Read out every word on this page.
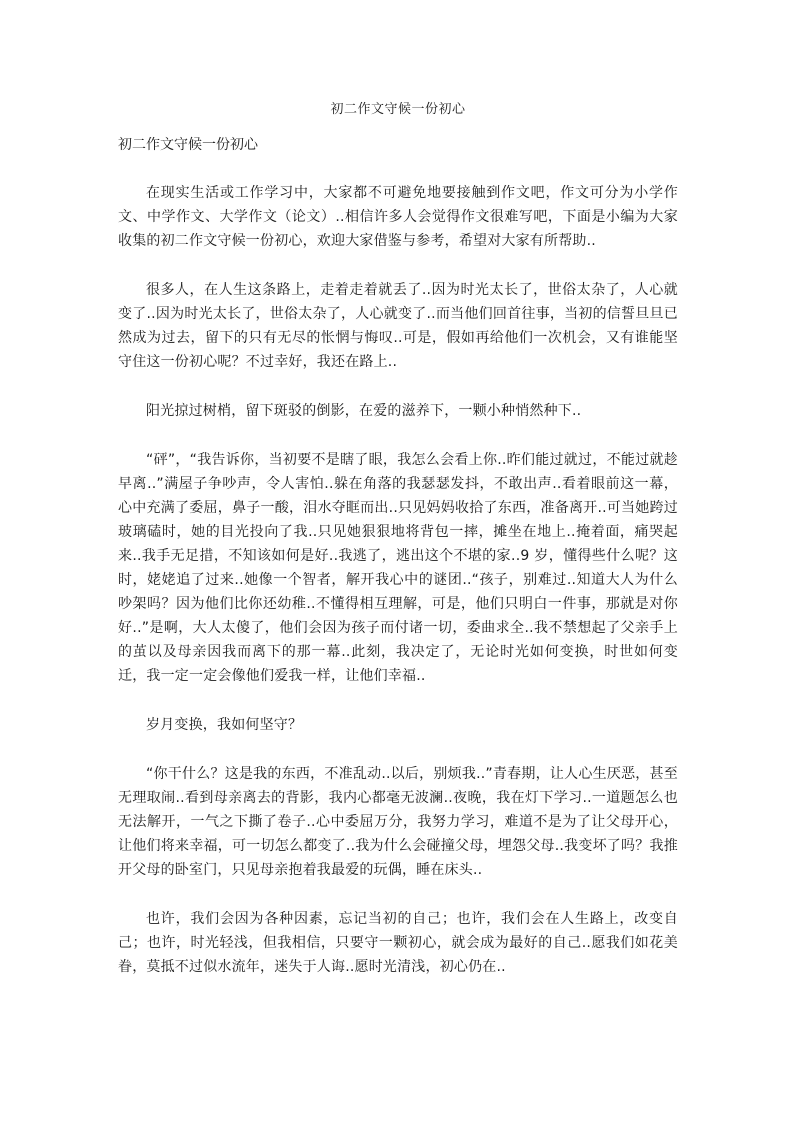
初二作文守候一份初心
初二作文守候一份初心

在现实生活或工作学习中，大家都不可避免地要接触到作文吧，作文可分为小学作文、中学作文、大学作文（论文）..相信许多人会觉得作文很难写吧，下面是小编为大家收集的初二作文守候一份初心，欢迎大家借鉴与参考，希望对大家有所帮助..

很多人，在人生这条路上，走着走着就丢了..因为时光太长了，世俗太杂了，人心就变了..因为时光太长了，世俗太杂了，人心就变了..而当他们回首往事，当初的信誓旦旦已然成为过去，留下的只有无尽的怅惘与悔叹..可是，假如再给他们一次机会，又有谁能坚守住这一份初心呢？不过幸好，我还在路上..

阳光掠过树梢，留下斑驳的倒影，在爱的滋养下，一颗小种悄然种下..

“砰”，“我告诉你，当初要不是瞎了眼，我怎么会看上你..昨们能过就过，不能过就趁早离..”满屋子争吵声，令人害怕..躲在角落的我瑟瑟发抖，不敢出声..看着眼前这一幕，心中充满了委屈，鼻子一酸，泪水夺眶而出..只见妈妈收拾了东西，准备离开..可当她跨过玻璃磕时，她的目光投向了我..只见她狠狠地将背包一摔，摊坐在地上..掩着面，痛哭起来..我手无足措，不知该如何是好..我逃了，逃出这个不堪的家..9 岁，懂得些什么呢？这时，姥姥追了过来..她像一个智者，解开我心中的谜团..“孩子，别难过..知道大人为什么吵架吗？因为他们比你还幼稚..不懂得相互理解，可是，他们只明白一件事，那就是对你好..”是啊，大人太傻了，他们会因为孩子而付诸一切，委曲求全..我不禁想起了父亲手上的茧以及母亲因我而离下的那一幕..此刻，我决定了，无论时光如何变换，时世如何变迁，我一定一定会像他们爱我一样，让他们幸福..

岁月变换，我如何坚守？

“你干什么？这是我的东西，不准乱动..以后，别烦我..”青春期，让人心生厌恶，甚至无理取闹..看到母亲离去的背影，我内心都毫无波澜..夜晚，我在灯下学习..一道题怎么也无法解开，一气之下撕了卷子..心中委屈万分，我努力学习，难道不是为了让父母开心，让他们将来幸福，可一切怎么都变了..我为什么会碰撞父母，埋怨父母..我变坏了吗？我推开父母的卧室门，只见母亲抱着我最爱的玩偶，睡在床头..

也许，我们会因为各种因素，忘记当初的自己；也许，我们会在人生路上，改变自己；也许，时光轻浅，但我相信，只要守一颗初心，就会成为最好的自己..愿我们如花美眷，莫抵不过似水流年，迷失于人诲..愿时光清浅，初心仍在..
